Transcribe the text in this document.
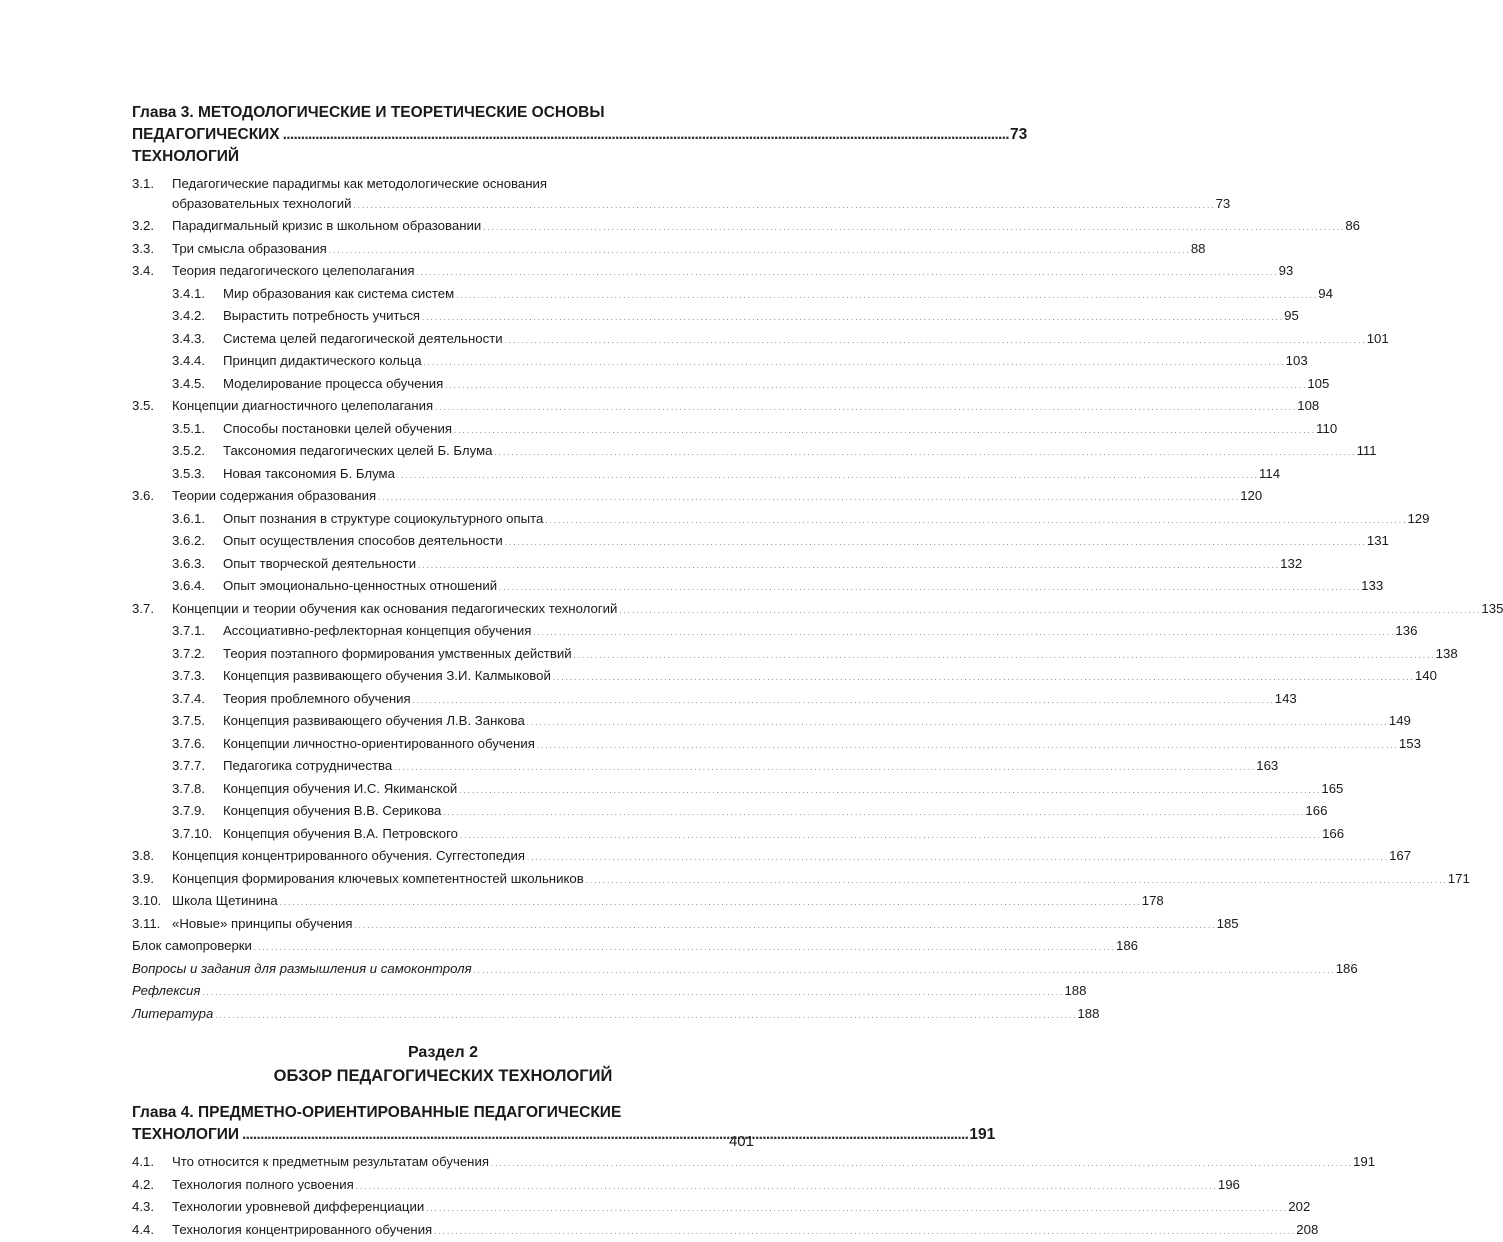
Глава 3. МЕТОДОЛОГИЧЕСКИЕ И ТЕОРЕТИЧЕСКИЕ ОСНОВЫ
ПЕДАГОГИЧЕСКИХ ТЕХНОЛОГИЙ
. . .
73
3.1.	Педагогические парадигмы как методологические основания
образовательных технологий . . .	73
3.2.	Парадигмальный кризис в школьном образовании . . .	86
3.3.	Три смысла образования . . .	88
3.4.	Теория педагогического целеполагания . . .	93
3.4.1.	Мир образования как система систем . . .	94
3.4.2.	Вырастить потребность учиться . . .	95
3.4.3.	Система целей педагогической деятельности . . .	101
3.4.4.	Принцип дидактического кольца . . .	103
3.4.5.	Моделирование процесса обучения . . .	105
3.5.	Концепции диагностичного целеполагания . . .	108
3.5.1.	Способы постановки целей обучения . . .	110
3.5.2.	Таксономия педагогических целей Б. Блума . . .	111
3.5.3.	Новая таксономия Б. Блума . . .	114
3.6.	Теории содержания образования . . .	120
3.6.1.	Опыт познания в структуре социокультурного опыта . . .	129
3.6.2.	Опыт осуществления способов деятельности . . .	131
3.6.3.	Опыт творческой деятельности . . .	132
3.6.4.	Опыт эмоционально-ценностных отношений . . .	133
3.7.	Концепции и теории обучения как основания педагогических технологий . . .	135
3.7.1.	Ассоциативно-рефлекторная концепция обучения . . .	136
3.7.2.	Теория поэтапного формирования умственных действий . . .	138
3.7.3.	Концепция развивающего обучения З.И. Калмыковой . . .	140
3.7.4.	Теория проблемного обучения . . .	143
3.7.5.	Концепция развивающего обучения Л.В. Занкова . . .	149
3.7.6.	Концепции личностно-ориентированного обучения . . .	153
3.7.7.	Педагогика сотрудничества . . .	163
3.7.8.	Концепция обучения И.С. Якиманской . . .	165
3.7.9.	Концепция обучения В.В. Серикова . . .	166
3.7.10. Концепция обучения В.А. Петровского . . .	166
3.8.	Концепция концентрированного обучения. Суггестопедия . . .	167
3.9.	Концепция формирования ключевых компетентностей школьников . . .	171
3.10. Школа Щетинина . . .	178
3.11. «Новые» принципы обучения . . .	185
Блок самопроверки . . .	186
Вопросы и задания для размышления и самоконтроля . . .	186
Рефлексия . . .	188
Литература . . .	188
Раздел 2
ОБЗОР ПЕДАГОГИЧЕСКИХ ТЕХНОЛОГИЙ
Глава 4. ПРЕДМЕТНО-ОРИЕНТИРОВАННЫЕ ПЕДАГОГИЧЕСКИЕ
ТЕХНОЛОГИИ . . .	191
4.1.	Что относится к предметным результатам обучения . . .	191
4.2.	Технология полного усвоения . . .	196
4.3.	Технологии уровневой дифференциации . . .	202
4.4.	Технология концентрированного обучения . . .	208
401
